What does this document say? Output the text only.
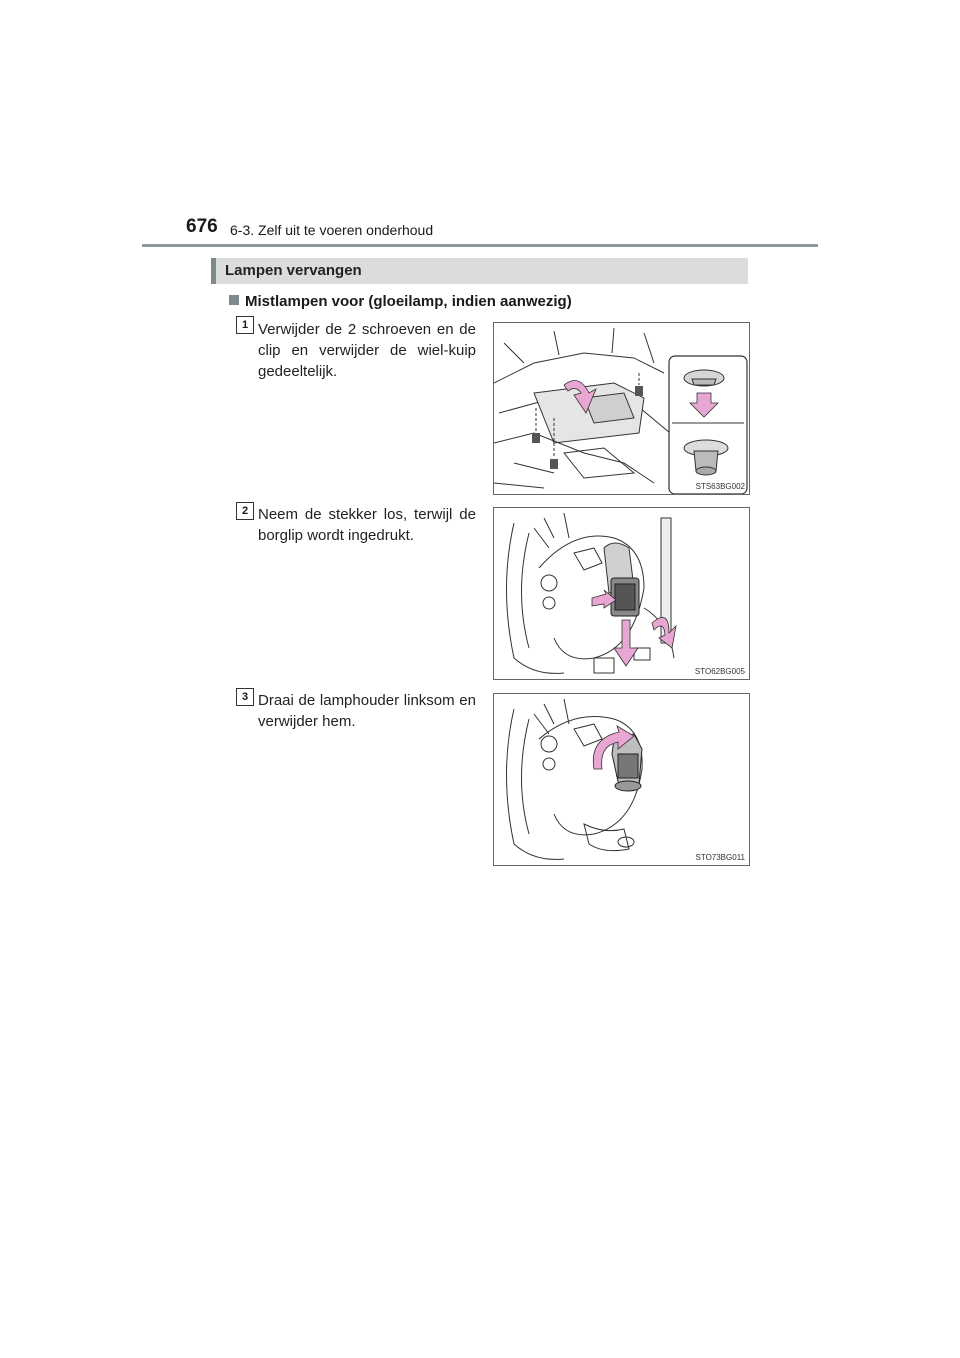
676 6-3. Zelf uit te voeren onderhoud
Lampen vervangen
Mistlampen voor (gloeilamp, indien aanwezig)
1 Verwijder de 2 schroeven en de clip en verwijder de wiel-kuip gedeeltelijk.
STS63BG002
2 Neem de stekker los, terwijl de borglip wordt ingedrukt.
STO62BG005
3 Draai de lamphouder linksom en verwijder hem.
STO73BG011
